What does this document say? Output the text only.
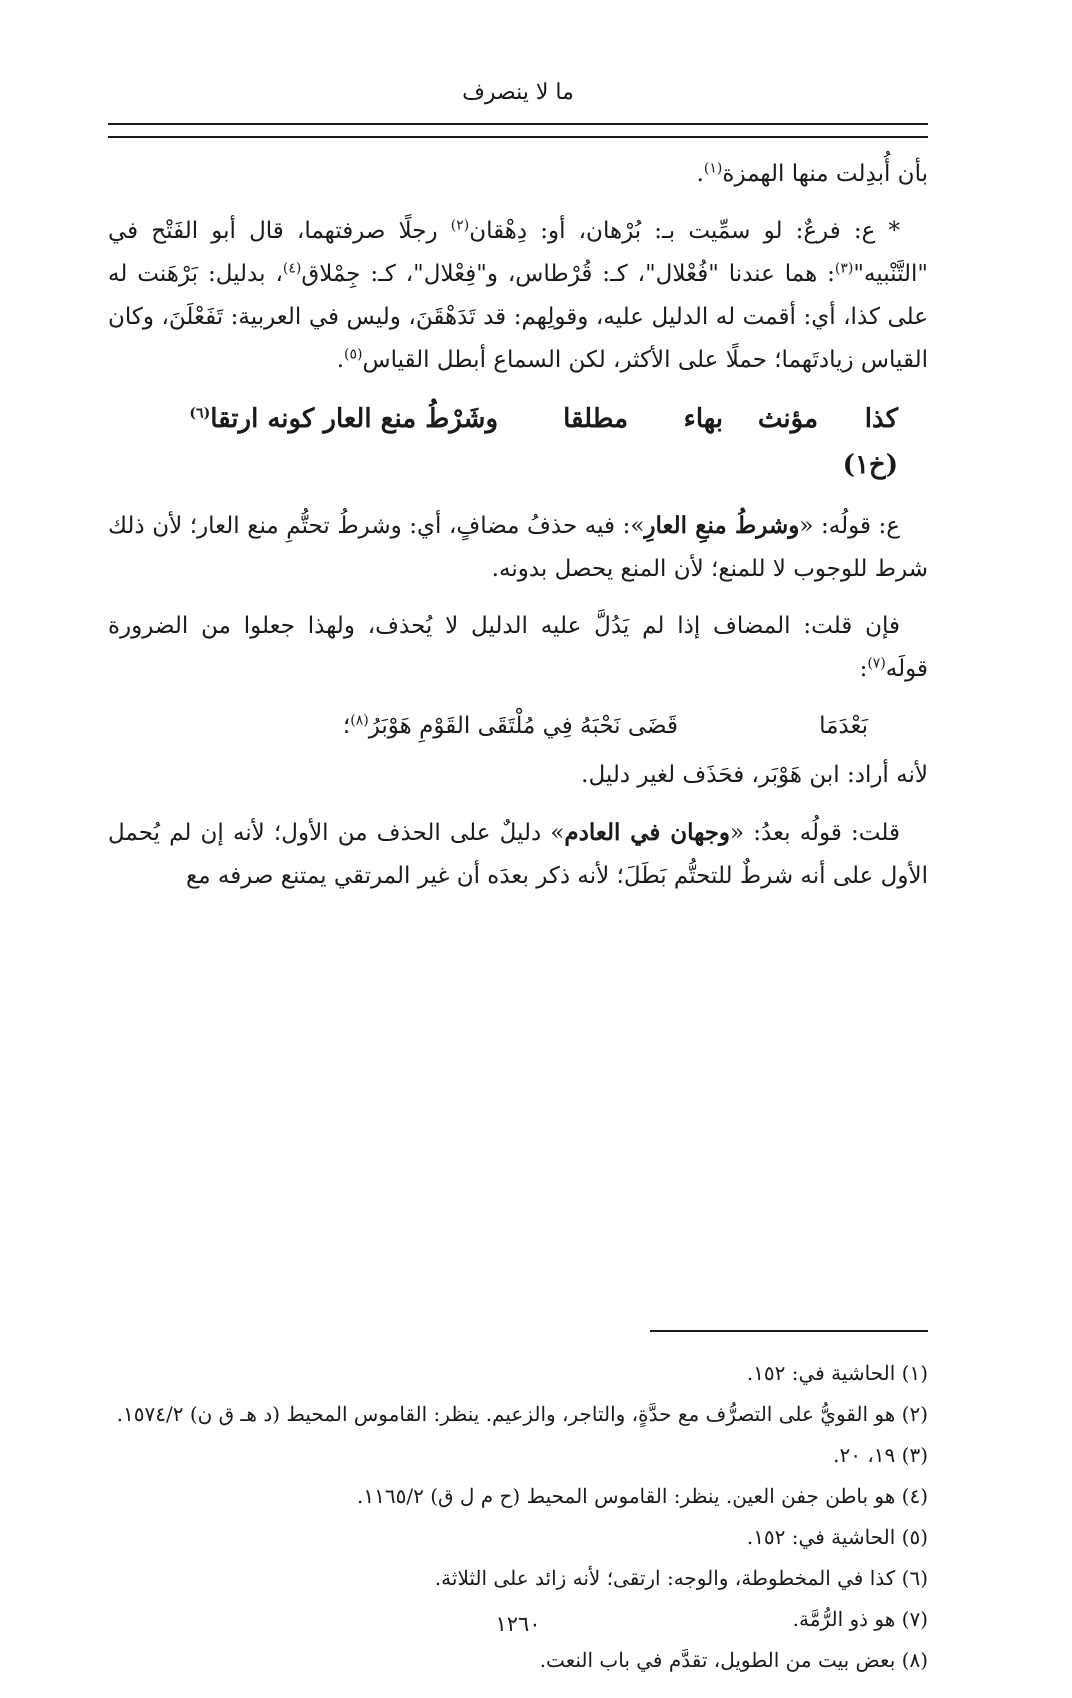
ما لا ينصرف

بأن أُبدِلت منها الهمزة$^{(١)}$.

* ع: فرعٌ: لو سمِّيت بـ: بُرْهان، أو: دِهْقان$^{(٢)}$ رجلًا صرفتهما، قال أبو الفَتْح في "التَّنْبيه"$^{(٣)}$: هما عندنا "فُعْلال"، كـ: قُرْطاس، و"فِعْلال"، كـ: جِمْلاق$^{(٤)}$، بدليل: بَرْهَنت له على كذا، أي: أقمت له الدليل عليه، وقولِهم: قد تَدَهْقَنَ، وليس في العربية: تَفَعْلَنَ، وكان القياس زيادتَهما؛ حملًا على الأكثر، لكن السماع أبطل القياس$^{(٥)}$.

كذا
مؤنث
بهاء
مطلقا
وشَرْطُ منع العار كونه ارتقا$^{(٦)}$
(خ١)

ع: قولُه: «وشرطُ منعِ العارِ»: فيه حذفُ مضافٍ، أي: وشرطُ تحتُّمِ منع العار؛ لأن ذلك شرط للوجوب لا للمنع؛ لأن المنع يحصل بدونه.

فإن قلت: المضاف إذا لم يَدُلَّ عليه الدليل لا يُحذف، ولهذا جعلوا من الضرورة قولَه$^{(٧)}$:

بَعْدَمَا
قَضَى نَحْبَهُ فِي مُلْتَقَى القَوْمِ هَوْبَرُ$^{(٨)}$؛

لأنه أراد: ابن هَوْبَر، فحَذَف لغير دليل.

قلت: قولُه بعدُ: «وجهان في العادم» دليلٌ على الحذف من الأول؛ لأنه إن لم يُحمل الأول على أنه شرطٌ للتحتُّم بَطَلَ؛ لأنه ذكر بعدَه أن غير المرتقي يمتنع صرفه مع

(١) الحاشية في: ١٥٢.

(٢) هو القويُّ على التصرُّف مع حدَّةٍ، والتاجر، والزعيم. ينظر: القاموس المحيط (د هـ ق ن) ١٥٧٤/٢.

(٣) ١٩، ٢٠.

(٤) هو باطن جفن العين. ينظر: القاموس المحيط (ح م ل ق) ١١٦٥/٢.

(٥) الحاشية في: ١٥٢.

(٦) كذا في المخطوطة، والوجه: ارتقى؛ لأنه زائد على الثلاثة.

(٧) هو ذو الرُّمَّة.

(٨) بعض بيت من الطويل، تقدَّم في باب النعت.

١٢٦٠
